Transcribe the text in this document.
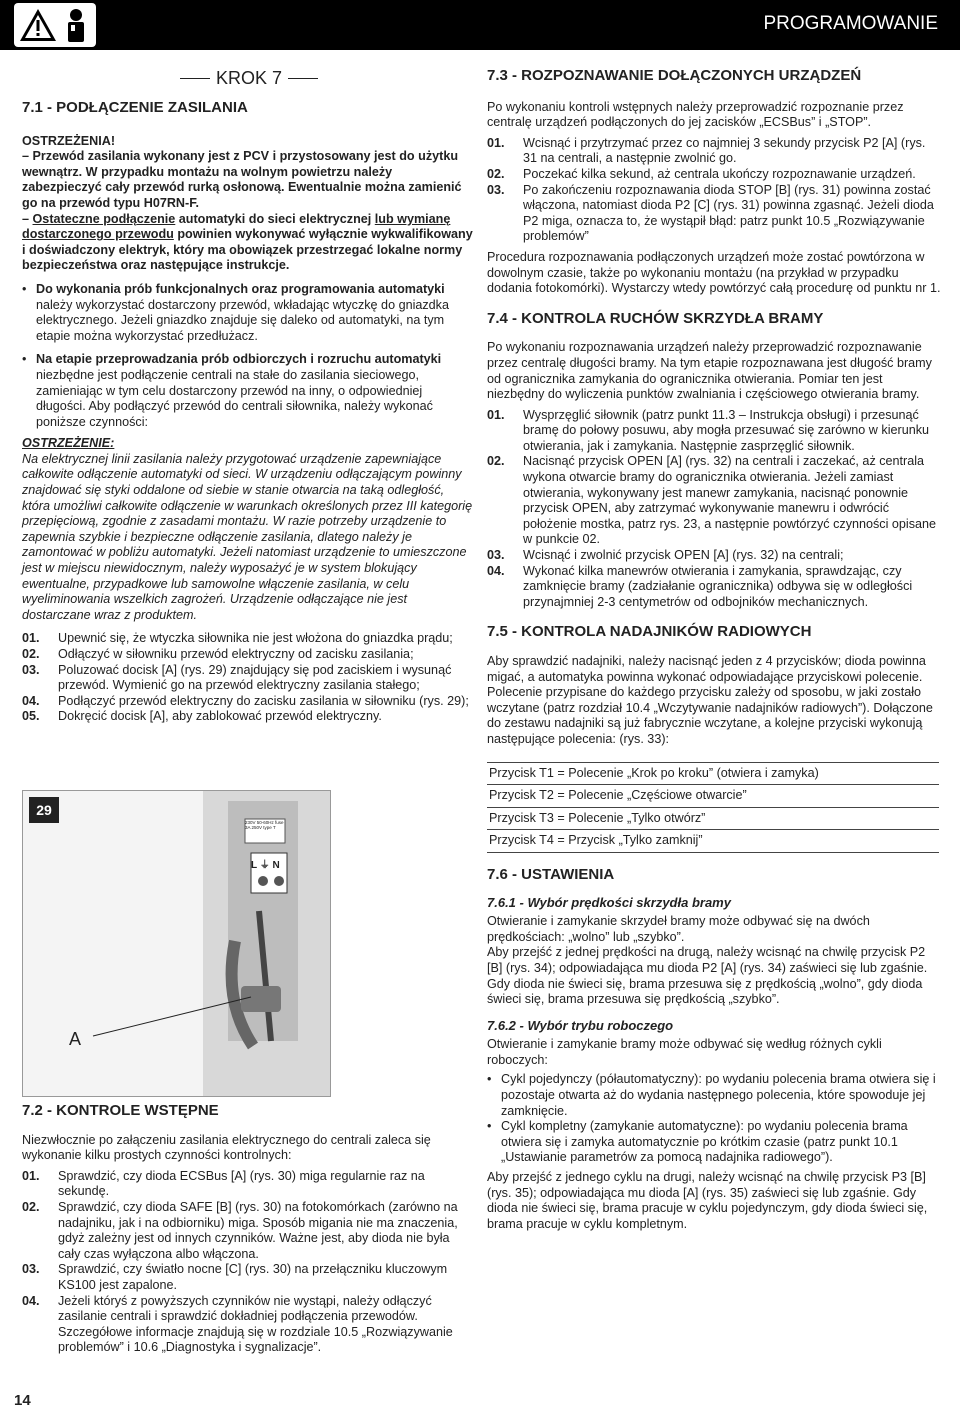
PROGRAMOWANIE
KROK 7

7.1 - PODŁĄCZENIE ZASILANIA

OSTRZEŻENIA!

– Przewód zasilania wykonany jest z PCV i przystosowany jest do użytku wewnątrz. W przypadku montażu na wolnym powietrzu należy zabezpieczyć cały przewód rurką osłonową. Ewentualnie można zamienić go na przewód typu H07RN-F.

– Ostateczne podłączenie automatyki do sieci elektrycznej lub wymianę dostarczonego przewodu powinien wykonywać wyłącznie wykwalifikowany i doświadczony elektryk, który ma obowiązek przestrzegać lokalne normy bezpieczeństwa oraz następujące instrukcje.

• Do wykonania prób funkcjonalnych oraz programowania automatyki należy wykorzystać dostarczony przewód, wkładając wtyczkę do gniazdka elektrycznego. Jeżeli gniazdko znajduje się daleko od automatyki, na tym etapie można wykorzystać przedłużacz.
• Na etapie przeprowadzania prób odbiorczych i rozruchu automatyki niezbędne jest podłączenie centrali na stałe do zasilania sieciowego, zamieniając w tym celu dostarczony przewód na inny, o odpowiedniej długości. Aby podłączyć przewód do centrali siłownika, należy wykonać poniższe czynności:

OSTRZEŻENIE:

Na elektrycznej linii zasilania należy przygotować urządzenie zapewniające całkowite odłączenie automatyki od sieci. W urządzeniu odłączającym powinny znajdować się styki oddalone od siebie w stanie otwarcia na taką odległość, która umożliwi całkowite odłączenie w warunkach określonych przez III kategorię przepięciową, zgodnie z zasadami montażu. W razie potrzeby urządzenie to zapewnia szybkie i bezpieczne odłączenie zasilania, dlatego należy je zamontować w pobliżu automatyki. Jeżeli natomiast urządzenie to umieszczone jest w miejscu niewidocznym, należy wyposażyć je w system blokujący ewentualne, przypadkowe lub samowolne włączenie zasilania, w celu wyeliminowania wszelkich zagrożeń. Urządzenie odłączające nie jest dostarczane wraz z produktem.

01.	Upewnić się, że wtyczka siłownika nie jest włożona do gniazdka prądu;
02.	Odłączyć w siłowniku przewód elektryczny od zacisku zasilania;
03.	Poluzować docisk [A] (rys. 29) znajdujący się pod zaciskiem i wysunąć przewód. Wymienić go na przewód elektryczny zasilania stałego;
04.	Podłączyć przewód elektryczny do zacisku zasilania w siłowniku (rys. 29);
05.	Dokręcić docisk [A], aby zablokować przewód elektryczny.
29
230V 50-60Hz fuse 3A 250V type T
L ⏚ N
A

7.2 - KONTROLE WSTĘPNE

Niezwłocznie po załączeniu zasilania elektrycznego do centrali zaleca się wykonanie kilku prostych czynności kontrolnych:

01.	Sprawdzić, czy dioda ECSBus [A] (rys. 30) miga regularnie raz na sekundę.
02.	Sprawdzić, czy dioda SAFE [B] (rys. 30) na fotokomórkach (zarówno na nadajniku, jak i na odbiorniku) miga. Sposób migania nie ma znaczenia, gdyż zależny jest od innych czynników. Ważne jest, aby dioda nie była cały czas wyłączona albo włączona.
03.	Sprawdzić, czy światło nocne [C] (rys. 30) na przełączniku kluczowym KS100 jest zapalone.
04.	Jeżeli któryś z powyższych czynników nie wystąpi, należy odłączyć zasilanie centrali i sprawdzić dokładniej podłączenia przewodów. Szczegółowe informacje znajdują się w rozdziale 10.5 „Rozwiązywanie problemów” i 10.6 „Diagnostyka i sygnalizacje”.

7.3 - ROZPOZNAWANIE DOŁĄCZONYCH URZĄDZEŃ

Po wykonaniu kontroli wstępnych należy przeprowadzić rozpoznanie przez centralę urządzeń podłączonych do jej zacisków „ECSBus” i „STOP”.

01.	Wcisnąć i przytrzymać przez co najmniej 3 sekundy przycisk P2 [A] (rys. 31 na centrali, a następnie zwolnić go.
02.	Poczekać kilka sekund, aż centrala ukończy rozpoznawanie urządzeń.
03.	Po zakończeniu rozpoznawania dioda STOP [B] (rys. 31) powinna zostać włączona, natomiast dioda P2 [C] (rys. 31) powinna zgasnąć. Jeżeli dioda P2 miga, oznacza to, że wystąpił błąd: patrz punkt 10.5 „Rozwiązywanie problemów”

Procedura rozpoznawania podłączonych urządzeń może zostać powtórzona w dowolnym czasie, także po wykonaniu montażu (na przykład w przypadku dodania fotokomórki). Wystarczy wtedy powtórzyć całą procedurę od punktu nr 1.

7.4 - KONTROLA RUCHÓW SKRZYDŁA BRAMY

Po wykonaniu rozpoznawania urządzeń należy przeprowadzić rozpoznawanie przez centralę długości bramy. Na tym etapie rozpoznawana jest długość bramy od ogranicznika zamykania do ogranicznika otwierania. Pomiar ten jest niezbędny do wyliczenia punktów zwalniania i częściowego otwierania bramy.

01.	Wysprzęglić siłownik (patrz punkt 11.3 – Instrukcja obsługi) i przesunąć bramę do połowy posuwu, aby mogła przesuwać się zarówno w kierunku otwierania, jak i zamykania. Następnie zasprzęglić siłownik.
02.	Nacisnąć przycisk OPEN [A] (rys. 32) na centrali i zaczekać, aż centrala wykona otwarcie bramy do ogranicznika otwierania. Jeżeli zamiast otwierania, wykonywany jest manewr zamykania, nacisnąć ponownie przycisk OPEN, aby zatrzymać wykonywanie manewru i odwrócić położenie mostka, patrz rys. 23, a następnie powtórzyć czynności opisane w punkcie 02.
03.	Wcisnąć i zwolnić przycisk OPEN [A] (rys. 32) na centrali;
04.	Wykonać kilka manewrów otwierania i zamykania, sprawdzając, czy zamknięcie bramy (zadziałanie ogranicznika) odbywa się w odległości przynajmniej 2-3 centymetrów od odbojników mechanicznych.

7.5 - KONTROLA NADAJNIKÓW RADIOWYCH

Aby sprawdzić nadajniki, należy nacisnąć jeden z 4 przycisków; dioda powinna migać, a automatyka powinna wykonać odpowiadające przyciskowi polecenie. Polecenie przypisane do każdego przycisku zależy od sposobu, w jaki zostało wczytane (patrz rozdział 10.4 „Wczytywanie nadajników radiowych”). Dołączone do zestawu nadajniki są już fabrycznie wczytane, a kolejne przyciski wykonują następujące polecenia: (rys. 33):

Przycisk T1 = Polecenie „Krok po kroku” (otwiera i zamyka)
Przycisk T2 = Polecenie „Częściowe otwarcie”
Przycisk T3 = Polecenie „Tylko otwórz”
Przycisk T4 = Przycisk „Tylko zamknij”

7.6 - USTAWIENIA

7.6.1 - Wybór prędkości skrzydła bramy

Otwieranie i zamykanie skrzydeł bramy może odbywać się na dwóch prędkościach: „wolno” lub „szybko”.

Aby przejść z jednej prędkości na drugą, należy wcisnąć na chwilę przycisk P2 [B] (rys. 34); odpowiadająca mu dioda P2 [A] (rys. 34) zaświeci się lub zgaśnie. Gdy dioda nie świeci się, brama przesuwa się z prędkością „wolno”, gdy dioda świeci się, brama przesuwa się prędkością „szybko”.

7.6.2 - Wybór trybu roboczego

Otwieranie i zamykanie bramy może odbywać się według różnych cykli roboczych:

• Cykl pojedynczy (półautomatyczny): po wydaniu polecenia brama otwiera się i pozostaje otwarta aż do wydania następnego polecenia, które spowoduje jej zamknięcie.
• Cykl kompletny (zamykanie automatyczne): po wydaniu polecenia brama otwiera się i zamyka automatycznie po krótkim czasie (patrz punkt 10.1 „Ustawianie parametrów za pomocą nadajnika radiowego”).

Aby przejść z jednego cyklu na drugi, należy wcisnąć na chwilę przycisk P3 [B] (rys. 35); odpowiadająca mu dioda [A] (rys. 35) zaświeci się lub zgaśnie. Gdy dioda nie świeci się, brama pracuje w cyklu pojedynczym, gdy dioda świeci się, brama pracuje w cyklu kompletnym.

14
